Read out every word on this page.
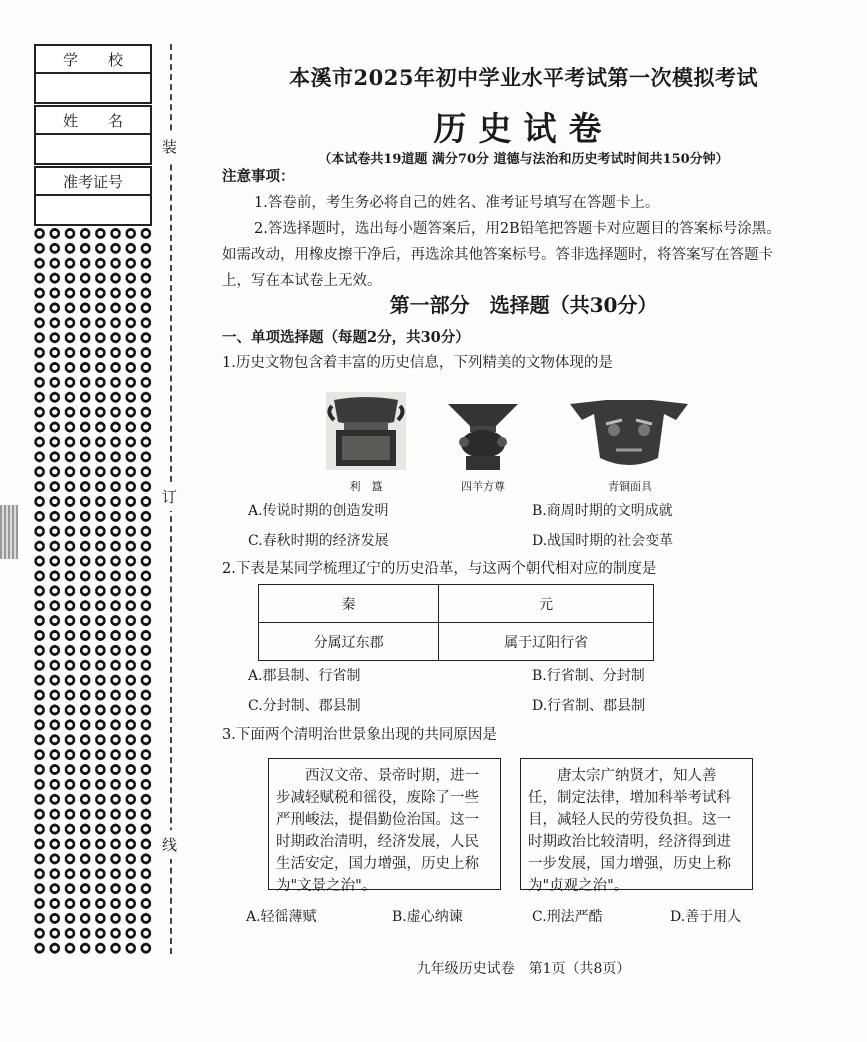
学　　校
姓　　名
准考证号
装
订
线
本溪市2025年初中学业水平考试第一次模拟考试
历史试卷
（本试卷共19道题 满分70分 道德与法治和历史考试时间共150分钟）
注意事项：
1.答卷前，考生务必将自己的姓名、准考证号填写在答题卡上。
2.答选择题时，选出每小题答案后，用2B铅笔把答题卡对应题目的答案标号涂黑。
如需改动，用橡皮擦干净后，再选涂其他答案标号。答非选择题时，将答案写在答题卡
上，写在本试卷上无效。
第一部分　选择题（共30分）
一、单项选择题（每题2分，共30分）
1.历史文物包含着丰富的历史信息，下列精美的文物体现的是
利　簋	四羊方尊	青铜面具
A.传说时期的创造发明	B.商周时期的文明成就
C.春秋时期的经济发展	D.战国时期的社会变革
2.下表是某同学梳理辽宁的历史沿革，与这两个朝代相对应的制度是
秦	元
分属辽东郡	属于辽阳行省
A.郡县制、行省制	B.行省制、分封制
C.分封制、郡县制	D.行省制、郡县制
3.下面两个清明治世景象出现的共同原因是
西汉文帝、景帝时期，进一步减轻赋税和徭役，废除了一些严刑峻法，提倡勤俭治国。这一时期政治清明，经济发展，人民生活安定，国力增强，历史上称为"文景之治"。
唐太宗广纳贤才，知人善任，制定法律，增加科举考试科目，减轻人民的劳役负担。这一时期政治比较清明，经济得到进一步发展，国力增强，历史上称为"贞观之治"。
A.轻徭薄赋	B.虚心纳谏	C.刑法严酷	D.善于用人
九年级历史试卷　第1页（共8页）
